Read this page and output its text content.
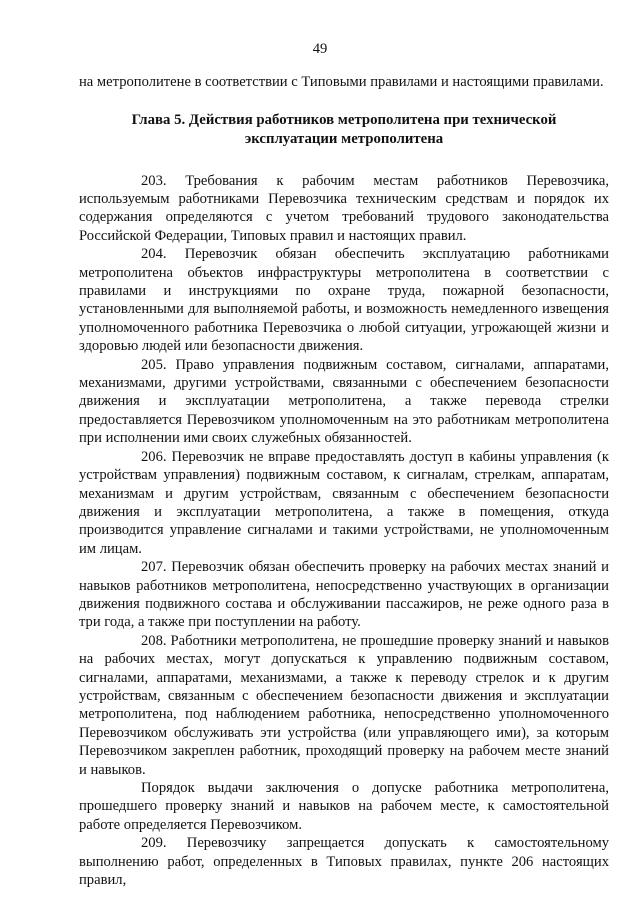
49

на метрополитене в соответствии с Типовыми правилами и настоящими правилами.

Глава 5. Действия работников метрополитена при технической
эксплуатации метрополитена

203. Требования к рабочим местам работников Перевозчика, используемым работниками Перевозчика техническим средствам и порядок их содержания определяются с учетом требований трудового законодательства Российской Федерации, Типовых правил и настоящих правил.

204. Перевозчик обязан обеспечить эксплуатацию работниками метрополитена объектов инфраструктуры метрополитена в соответствии с правилами и инструкциями по охране труда, пожарной безопасности, установленными для выполняемой работы, и возможность немедленного извещения уполномоченного работника Перевозчика о любой ситуации, угрожающей жизни и здоровью людей или безопасности движения.

205. Право управления подвижным составом, сигналами, аппаратами, механизмами, другими устройствами, связанными с обеспечением безопасности движения и эксплуатации метрополитена, а также перевода стрелки предоставляется Перевозчиком уполномоченным на это работникам метрополитена при исполнении ими своих служебных обязанностей.

206. Перевозчик не вправе предоставлять доступ в кабины управления (к устройствам управления) подвижным составом, к сигналам, стрелкам, аппаратам, механизмам и другим устройствам, связанным с обеспечением безопасности движения и эксплуатации метрополитена, а также в помещения, откуда производится управление сигналами и такими устройствами, не уполномоченным им лицам.

207. Перевозчик обязан обеспечить проверку на рабочих местах знаний и навыков работников метрополитена, непосредственно участвующих в организации движения подвижного состава и обслуживании пассажиров, не реже одного раза в три года, а также при поступлении на работу.

208. Работники метрополитена, не прошедшие проверку знаний и навыков на рабочих местах, могут допускаться к управлению подвижным составом, сигналами, аппаратами, механизмами, а также к переводу стрелок и к другим устройствам, связанным с обеспечением безопасности движения и эксплуатации метрополитена, под наблюдением работника, непосредственно уполномоченного Перевозчиком обслуживать эти устройства (или управляющего ими), за которым Перевозчиком закреплен работник, проходящий проверку на рабочем месте знаний и навыков.

Порядок выдачи заключения о допуске работника метрополитена, прошедшего проверку знаний и навыков на рабочем месте, к самостоятельной работе определяется Перевозчиком.

209. Перевозчику запрещается допускать к самостоятельному выполнению работ, определенных в Типовых правилах, пункте 206 настоящих правил,
